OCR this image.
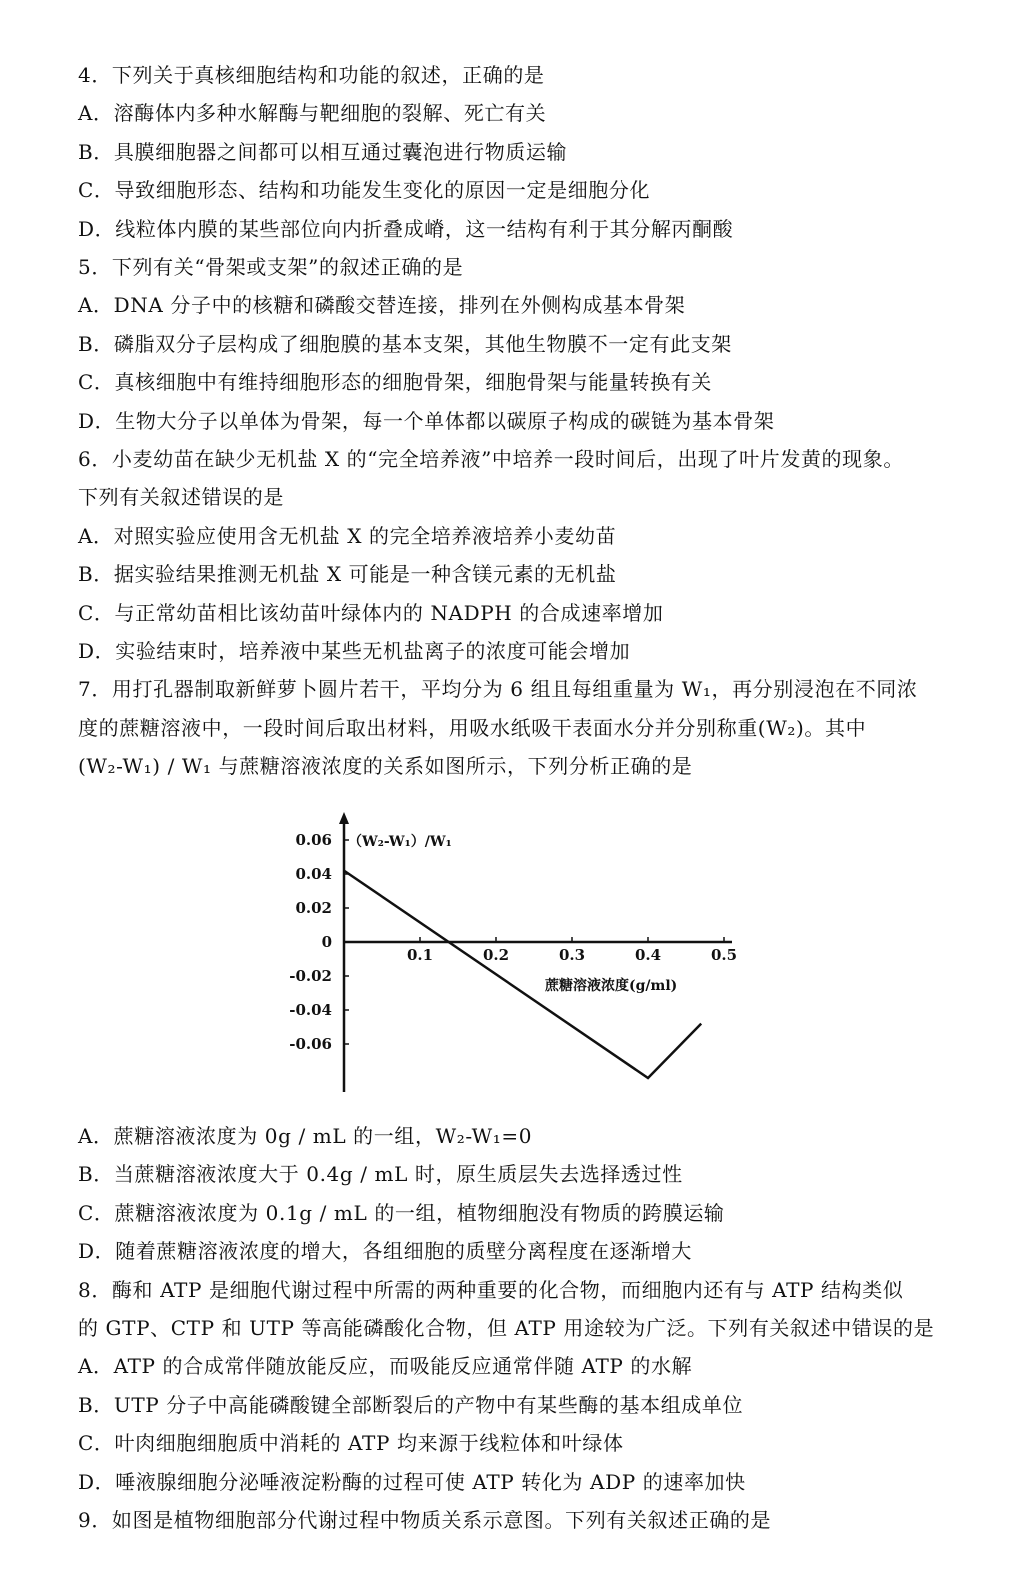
4．下列关于真核细胞结构和功能的叙述，正确的是
A．溶酶体内多种水解酶与靶细胞的裂解、死亡有关
B．具膜细胞器之间都可以相互通过囊泡进行物质运输
C．导致细胞形态、结构和功能发生变化的原因一定是细胞分化
D．线粒体内膜的某些部位向内折叠成嵴，这一结构有利于其分解丙酮酸
5．下列有关“骨架或支架”的叙述正确的是
A．DNA 分子中的核糖和磷酸交替连接，排列在外侧构成基本骨架
B．磷脂双分子层构成了细胞膜的基本支架，其他生物膜不一定有此支架
C．真核细胞中有维持细胞形态的细胞骨架，细胞骨架与能量转换有关
D．生物大分子以单体为骨架，每一个单体都以碳原子构成的碳链为基本骨架
6．小麦幼苗在缺少无机盐 X 的“完全培养液”中培养一段时间后，出现了叶片发黄的现象。
下列有关叙述错误的是
A．对照实验应使用含无机盐 X 的完全培养液培养小麦幼苗
B．据实验结果推测无机盐 X 可能是一种含镁元素的无机盐
C．与正常幼苗相比该幼苗叶绿体内的 NADPH 的合成速率增加
D．实验结束时，培养液中某些无机盐离子的浓度可能会增加
7．用打孔器制取新鲜萝卜圆片若干，平均分为 6 组且每组重量为 W₁，再分别浸泡在不同浓
度的蔗糖溶液中，一段时间后取出材料，用吸水纸吸干表面水分并分别称重(W₂)。其中
(W₂-W₁) / W₁ 与蔗糖溶液浓度的关系如图所示，下列分析正确的是
0.06
0.04
0.02
0
-0.02
-0.04
-0.06
0.1	0.2	0.3	0.4	0.5
（W₂-W₁）/W₁
蔗糖溶液浓度(g/ml)
A．蔗糖溶液浓度为 0g / mL 的一组，W₂-W₁=0
B．当蔗糖溶液浓度大于 0.4g / mL 时，原生质层失去选择透过性
C．蔗糖溶液浓度为 0.1g / mL 的一组，植物细胞没有物质的跨膜运输
D．随着蔗糖溶液浓度的增大，各组细胞的质壁分离程度在逐渐增大
8．酶和 ATP 是细胞代谢过程中所需的两种重要的化合物，而细胞内还有与 ATP 结构类似
的 GTP、CTP 和 UTP 等高能磷酸化合物，但 ATP 用途较为广泛。下列有关叙述中错误的是
A．ATP 的合成常伴随放能反应，而吸能反应通常伴随 ATP 的水解
B．UTP 分子中高能磷酸键全部断裂后的产物中有某些酶的基本组成单位
C．叶肉细胞细胞质中消耗的 ATP 均来源于线粒体和叶绿体
D．唾液腺细胞分泌唾液淀粉酶的过程可使 ATP 转化为 ADP 的速率加快
9．如图是植物细胞部分代谢过程中物质关系示意图。下列有关叙述正确的是
